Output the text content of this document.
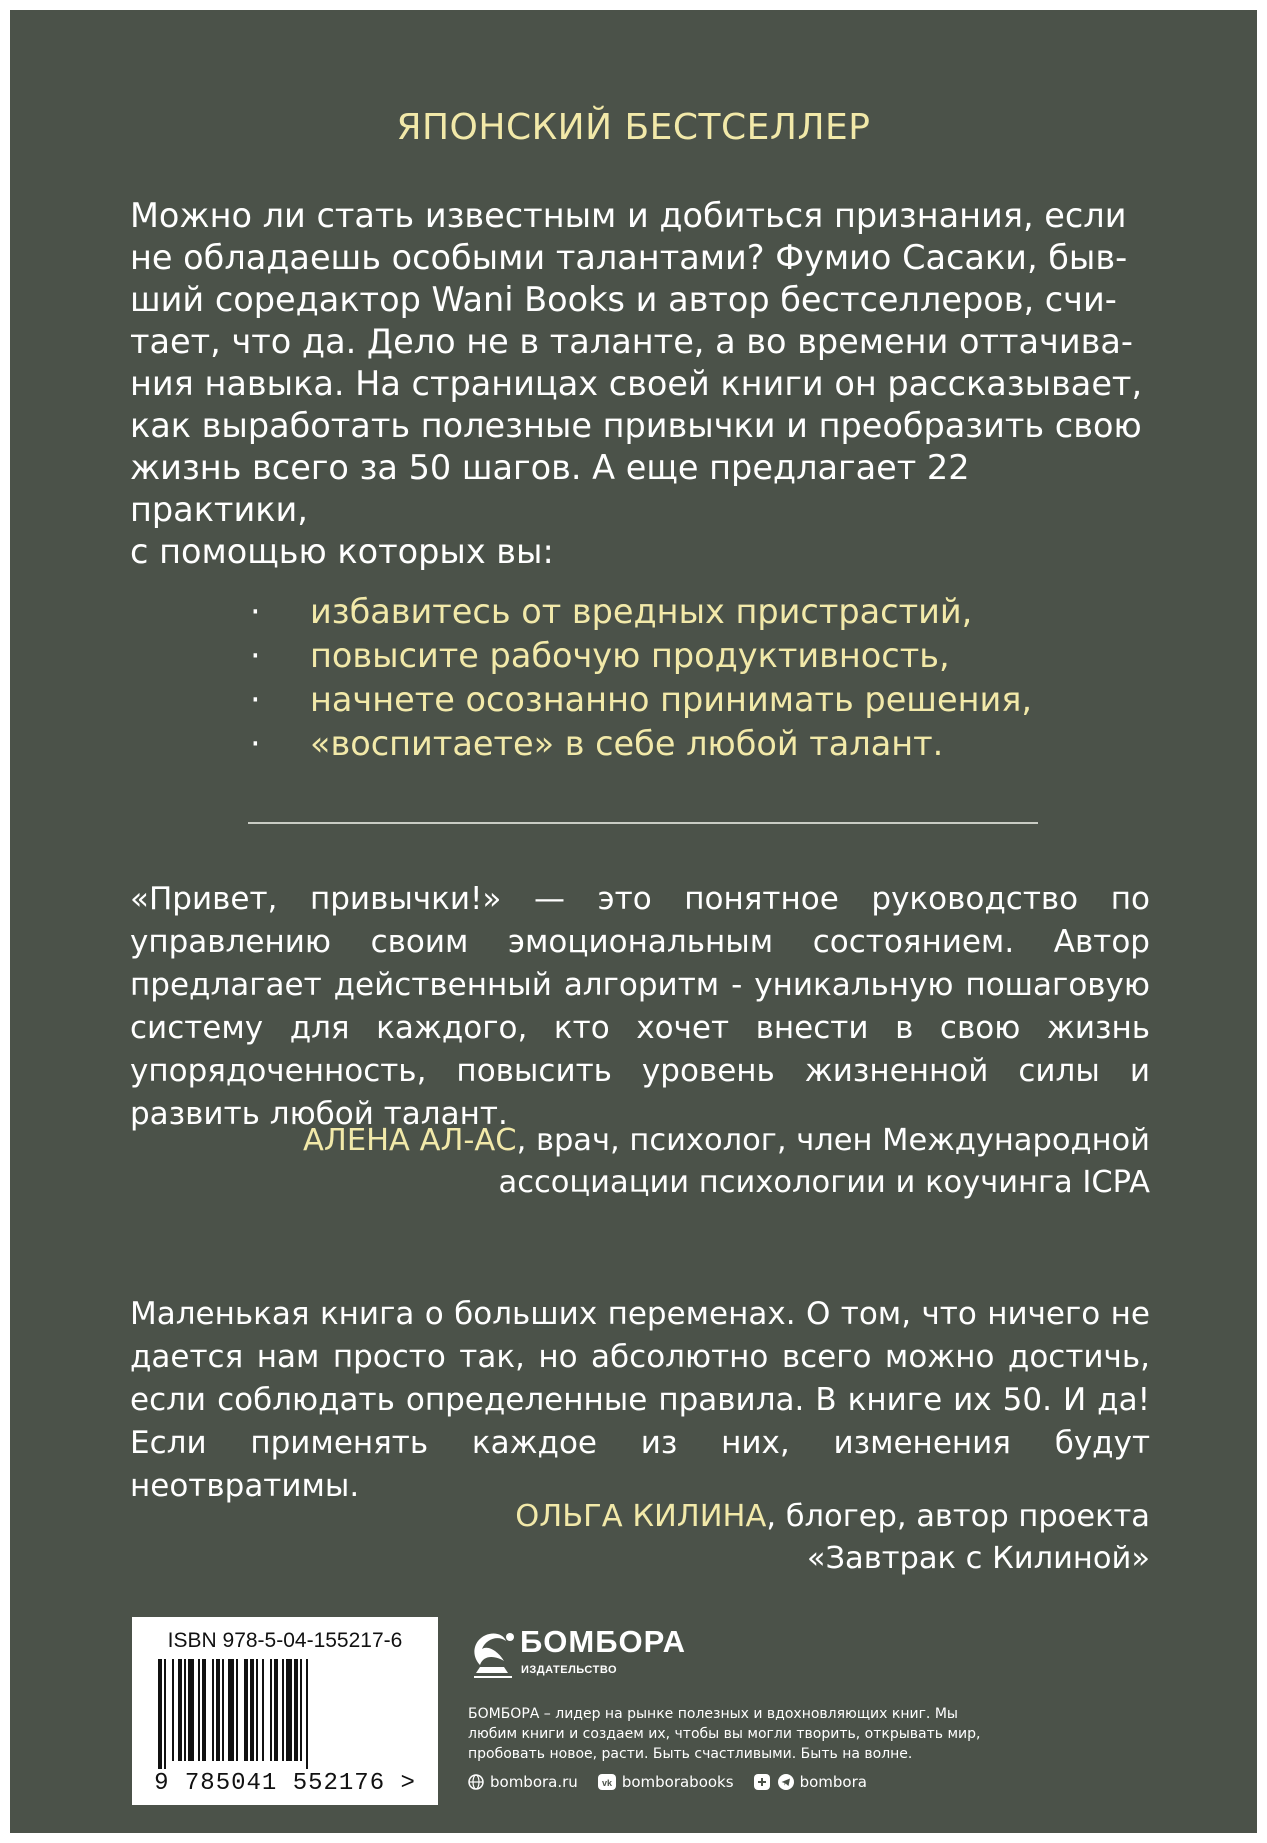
ЯПОНСКИЙ БЕСТСЕЛЛЕР

Можно ли стать известным и добиться признания, если

не обладаешь особыми талантами? Фумио Сасаки, быв-

ший соредактор Wani Books и автор бестселлеров, счи-

тает, что да. Дело не в таланте, а во времени оттачива-

ния навыка. На страницах своей книги он рассказывает,

как выработать полезные привычки и преобразить свою

жизнь всего за 50 шагов. А еще предлагает 22 практики,

с помощью которых вы:

· избавитесь от вредных пристрастий,
· повысите рабочую продуктивность,
· начнете осознанно принимать решения,
· «воспитаете» в себе любой талант.

«Привет, привычки!» — это понятное руководство по управлению своим эмоциональным состоянием. Автор предлагает действенный алгоритм - уникальную пошаговую систему для каждого, кто хочет внести в свою жизнь упорядоченность, повысить уровень жизненной силы и развить любой талант.

АЛЕНА АЛ-АС, врач, психолог, член Международной
ассоциации психологии и коучинга ICPA

Маленькая книга о больших переменах. О том, что ничего не дается нам просто так, но абсолютно всего можно достичь, если соблюдать определенные правила. В книге их 50. И да! Если применять каждое из них, изменения будут неотвратимы.

ОЛЬГА КИЛИНА, блогер, автор проекта
«Завтрак с Килиной»
ISBN 978-5-04-155217-6
9 785041 552176 >
БОМБОРА
ИЗДАТЕЛЬСТВО

БОМБОРА – лидер на рынке полезных и вдохновляющих книг. Мы любим книги и создаем их, чтобы вы могли творить, открывать мир, пробовать новое, расти. Быть счастливыми. Быть на волне.

bombora.ru	vk bomborabooks	bombora
